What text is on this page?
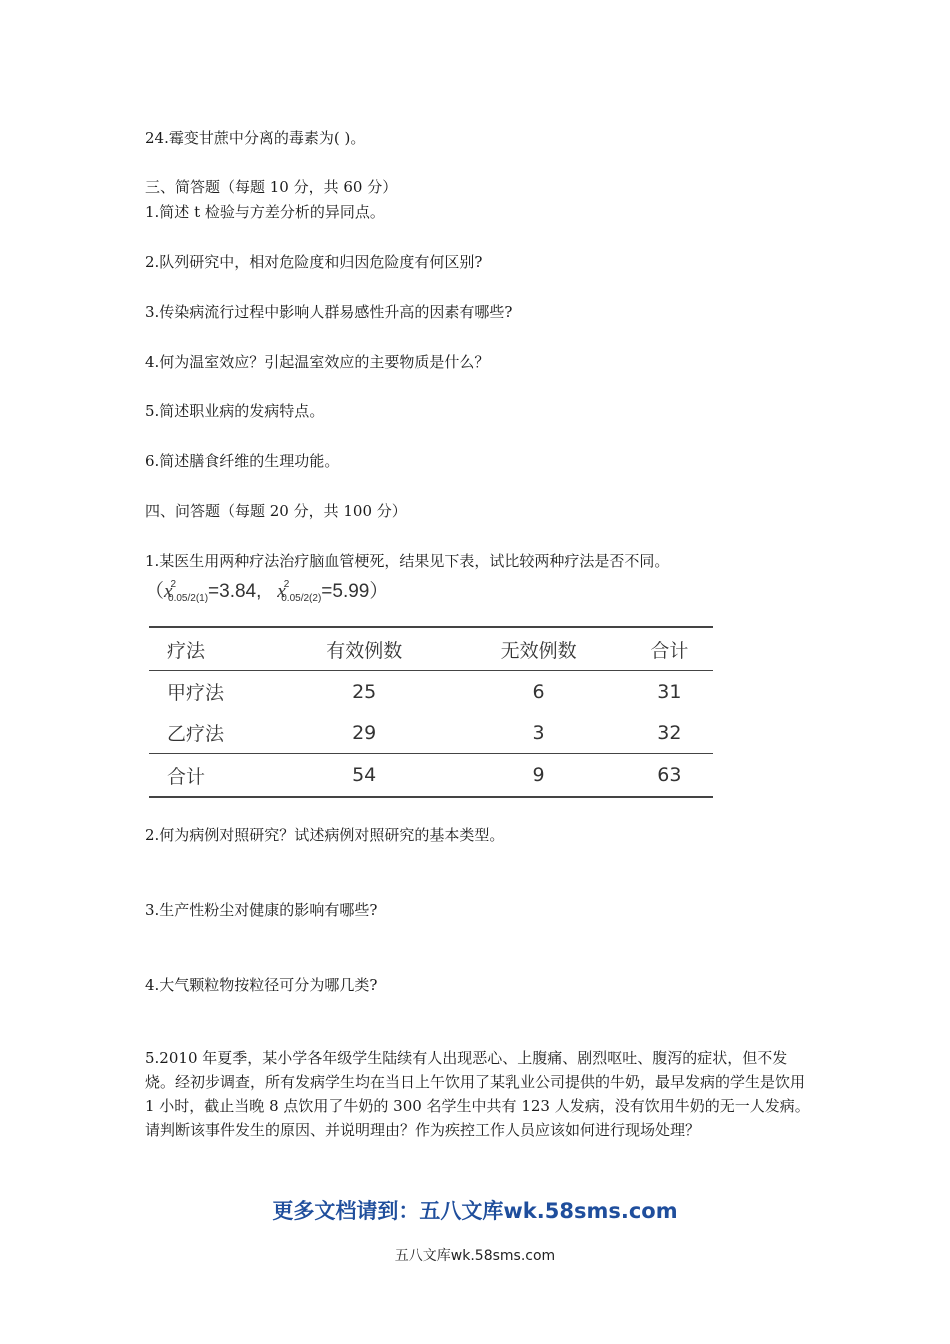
24.霉变甘蔗中分离的毒素为( )。
三、简答题（每题 10 分，共 60 分）
1.简述 t 检验与方差分析的异同点。
2.队列研究中，相对危险度和归因危险度有何区别?
3.传染病流行过程中影响人群易感性升高的因素有哪些?
4.何为温室效应？引起温室效应的主要物质是什么？
5.简述职业病的发病特点。
6.简述膳食纤维的生理功能。
四、问答题（每题 20 分，共 100 分）
1.某医生用两种疗法治疗脑血管梗死，结果见下表，试比较两种疗法是否不同。
（$x^2_{0.05/2(1)}=3.84$, $x^2_{0.05/2(2)}=5.99$）
疗法	有效例数	无效例数	合计
甲疗法	25	6	31
乙疗法	29	3	32
合计	54	9	63
2.何为病例对照研究？试述病例对照研究的基本类型。
3.生产性粉尘对健康的影响有哪些?
4.大气颗粒物按粒径可分为哪几类?
5.2010 年夏季，某小学各年级学生陆续有人出现恶心、上腹痛、剧烈呕吐、腹泻的症状，但不发烧。经初步调查，所有发病学生均在当日上午饮用了某乳业公司提供的牛奶，最早发病的学生是饮用 1 小时，截止当晚 8 点饮用了牛奶的 300 名学生中共有 123 人发病，没有饮用牛奶的无一人发病。请判断该事件发生的原因、并说明理由？作为疾控工作人员应该如何进行现场处理？
更多文档请到：五八文库wk.58sms.com
五八文库wk.58sms.com
